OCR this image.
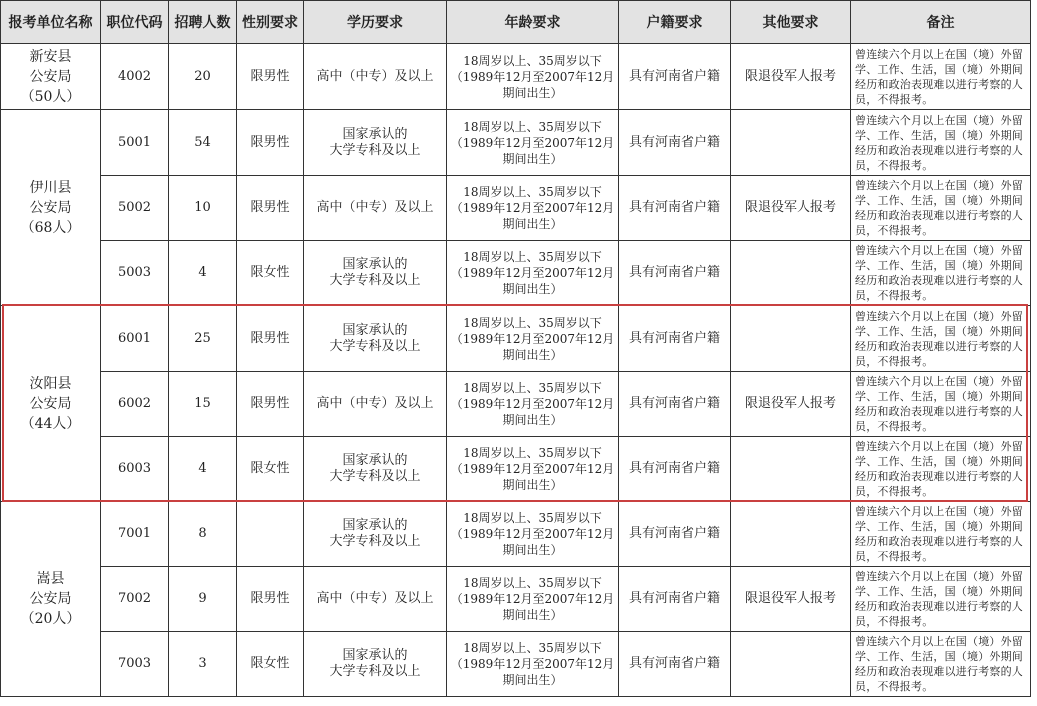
报考单位名称	职位代码	招聘人数	性别要求	学历要求	年龄要求	户籍要求	其他要求	备注

新安县
公安局
（50人）	4002	20	限男性	高中（中专）及以上	18周岁以上、35周岁以下
（1989年12月至2007年12月
期间出生）	具有河南省户籍	限退役军人报考	曾连续六个月以上在国（境）外留学、工作、生活，国（境）外期间经历和政治表现难以进行考察的人员，不得报考。

伊川县
公安局
（68人）	5001	54	限男性	国家承认的
大学专科及以上	18周岁以上、35周岁以下
（1989年12月至2007年12月
期间出生）	具有河南省户籍		曾连续六个月以上在国（境）外留学、工作、生活，国（境）外期间经历和政治表现难以进行考察的人员，不得报考。
	5002	10	限男性	高中（中专）及以上	18周岁以上、35周岁以下
（1989年12月至2007年12月
期间出生）	具有河南省户籍	限退役军人报考	曾连续六个月以上在国（境）外留学、工作、生活，国（境）外期间经历和政治表现难以进行考察的人员，不得报考。
	5003	4	限女性	国家承认的
大学专科及以上	18周岁以上、35周岁以下
（1989年12月至2007年12月
期间出生）	具有河南省户籍		曾连续六个月以上在国（境）外留学、工作、生活，国（境）外期间经历和政治表现难以进行考察的人员，不得报考。

汝阳县
公安局
（44人）	6001	25	限男性	国家承认的
大学专科及以上	18周岁以上、35周岁以下
（1989年12月至2007年12月
期间出生）	具有河南省户籍		曾连续六个月以上在国（境）外留学、工作、生活，国（境）外期间经历和政治表现难以进行考察的人员，不得报考。
	6002	15	限男性	高中（中专）及以上	18周岁以上、35周岁以下
（1989年12月至2007年12月
期间出生）	具有河南省户籍	限退役军人报考	曾连续六个月以上在国（境）外留学、工作、生活，国（境）外期间经历和政治表现难以进行考察的人员，不得报考。
	6003	4	限女性	国家承认的
大学专科及以上	18周岁以上、35周岁以下
（1989年12月至2007年12月
期间出生）	具有河南省户籍		曾连续六个月以上在国（境）外留学、工作、生活，国（境）外期间经历和政治表现难以进行考察的人员，不得报考。

嵩县
公安局
（20人）	7001	8		国家承认的
大学专科及以上	18周岁以上、35周岁以下
（1989年12月至2007年12月
期间出生）	具有河南省户籍		曾连续六个月以上在国（境）外留学、工作、生活，国（境）外期间经历和政治表现难以进行考察的人员，不得报考。
	7002	9	限男性	高中（中专）及以上	18周岁以上、35周岁以下
（1989年12月至2007年12月
期间出生）	具有河南省户籍	限退役军人报考	曾连续六个月以上在国（境）外留学、工作、生活，国（境）外期间经历和政治表现难以进行考察的人员，不得报考。
	7003	3	限女性	国家承认的
大学专科及以上	18周岁以上、35周岁以下
（1989年12月至2007年12月
期间出生）	具有河南省户籍		曾连续六个月以上在国（境）外留学、工作、生活，国（境）外期间经历和政治表现难以进行考察的人员，不得报考。
